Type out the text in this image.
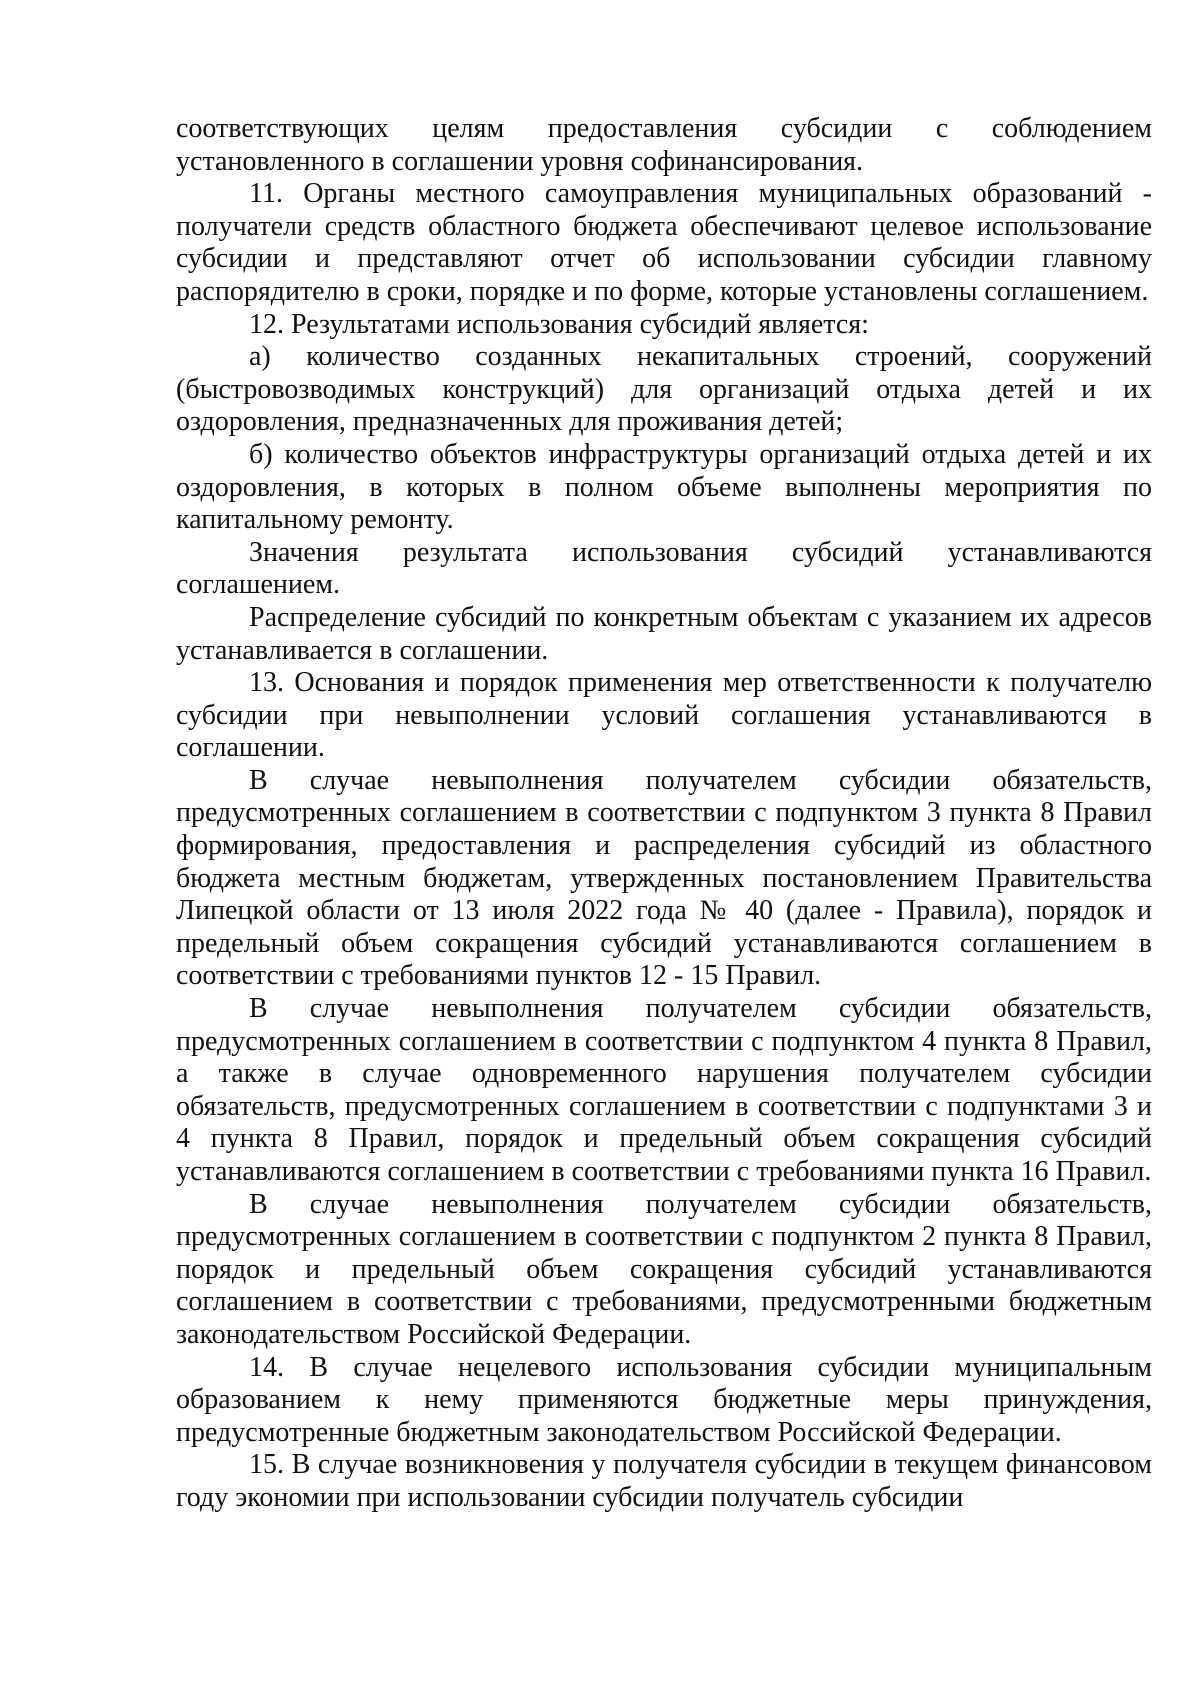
соответствующих целям предоставления субсидии с соблюдением установленного в соглашении уровня софинансирования.

11. Органы местного самоуправления муниципальных образований - получатели средств областного бюджета обеспечивают целевое использование субсидии и представляют отчет об использовании субсидии главному распорядителю в сроки, порядке и по форме, которые установлены соглашением.

12. Результатами использования субсидий является:

а) количество созданных некапитальных строений, сооружений (быстровозводимых конструкций) для организаций отдыха детей и их оздоровления, предназначенных для проживания детей;

б) количество объектов инфраструктуры организаций отдыха детей и их оздоровления, в которых в полном объеме выполнены мероприятия по капитальному ремонту.

Значения результата использования субсидий устанавливаются соглашением.

Распределение субсидий по конкретным объектам с указанием их адресов устанавливается в соглашении.

13. Основания и порядок применения мер ответственности к получателю субсидии при невыполнении условий соглашения устанавливаются в соглашении.

В случае невыполнения получателем субсидии обязательств, предусмотренных соглашением в соответствии с подпунктом 3 пункта 8 Правил формирования, предоставления и распределения субсидий из областного бюджета местным бюджетам, утвержденных постановлением Правительства Липецкой области от 13 июля 2022 года № 40 (далее - Правила), порядок и предельный объем сокращения субсидий устанавливаются соглашением в соответствии с требованиями пунктов 12 - 15 Правил.

В случае невыполнения получателем субсидии обязательств, предусмотренных соглашением в соответствии с подпунктом 4 пункта 8 Правил, а также в случае одновременного нарушения получателем субсидии обязательств, предусмотренных соглашением в соответствии с подпунктами 3 и 4 пункта 8 Правил, порядок и предельный объем сокращения субсидий устанавливаются соглашением в соответствии с требованиями пункта 16 Правил.

В случае невыполнения получателем субсидии обязательств, предусмотренных соглашением в соответствии с подпунктом 2 пункта 8 Правил, порядок и предельный объем сокращения субсидий устанавливаются соглашением в соответствии с требованиями, предусмотренными бюджетным законодательством Российской Федерации.

14. В случае нецелевого использования субсидии муниципальным образованием к нему применяются бюджетные меры принуждения, предусмотренные бюджетным законодательством Российской Федерации.

15. В случае возникновения у получателя субсидии в текущем финансовом году экономии при использовании субсидии получатель субсидии
